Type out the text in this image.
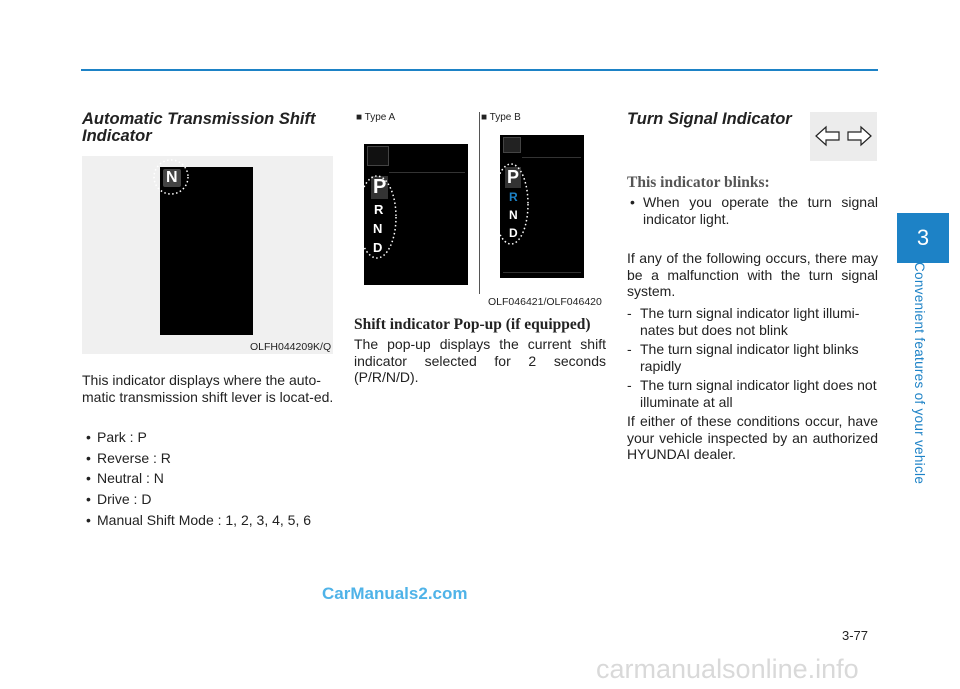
Automatic Transmission Shift Indicator
N
OLFH044209K/Q

This indicator displays where the auto-matic transmission shift lever is locat-ed.

• Park : P
• Reverse : R
• Neutral : N
• Drive : D
• Manual Shift Mode : 1, 2, 3, 4, 5, 6
■ Type A	■ Type B
P
R
N
D
P
R
N
D
OLF046421/OLF046420
Shift indicator Pop-up (if equipped)

The pop-up displays the current shift indicator selected for 2 seconds (P/R/N/D).

Turn Signal Indicator
This indicator blinks:
• When you operate the turn signal indicator light.

If any of the following occurs, there may be a malfunction with the turn signal system.

- The turn signal indicator light illumi-nates but does not blink
- The turn signal indicator light blinks rapidly
- The turn signal indicator light does not illuminate at all

If either of these conditions occur, have your vehicle inspected by an authorized HYUNDAI dealer.

3
Convenient features of your vehicle
3-77
CarManuals2.com
carmanualsonline.info
